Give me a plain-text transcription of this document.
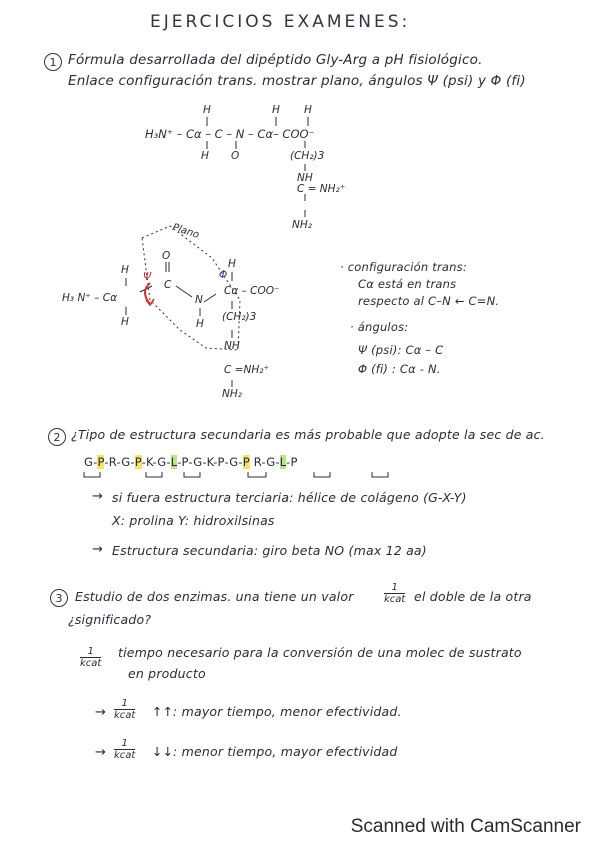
EJERCICIOS EXAMENES:
1 Fórmula desarrollada del dipéptido Gly-Arg a pH fisiológico.
Enlace configuración trans. mostrar plano, ángulos Ψ (psi) y Φ (fi)
H	H H
H₃N⁺ – Cα – C – N – Cα– COO⁻
H O	(CH₂)3
NH
C = NH₂⁺
NH₂
Plano
H
O
Ψ
C
H₃ N⁺ – Cα	N
H	H
Φ
H
Cα – COO⁻
(CH₂)3
NH
C =NH₂⁺
NH₂
· configuración trans:
Cα está en trans
respecto al C–N ← C=N.
· ángulos:
Ψ (psi): Cα – C
Φ (fi) : Cα - N.
2 ¿Tipo de estructura secundaria es más probable que adopte la sec de ac.
G-P-R-G-P-K-G-L-P-G-K-P-G-P R-G-L-P
→ si fuera estructura terciaria: hélice de colágeno (G-X-Y)
X: prolina Y: hidroxilsinas
→ Estructura secundaria: giro beta NO (max 12 aa)
3	Estudio de dos enzimas. una tiene un valor
1
kcat el doble de la otra
¿significado?
1
kcat
tiempo necesario para la conversión de una molec de sustrato
en producto
→
1
kcat ↑↑ : mayor tiempo, menor efectividad.
→
1
kcat ↓↓ : menor tiempo, mayor efectividad
Scanned with CamScanner
